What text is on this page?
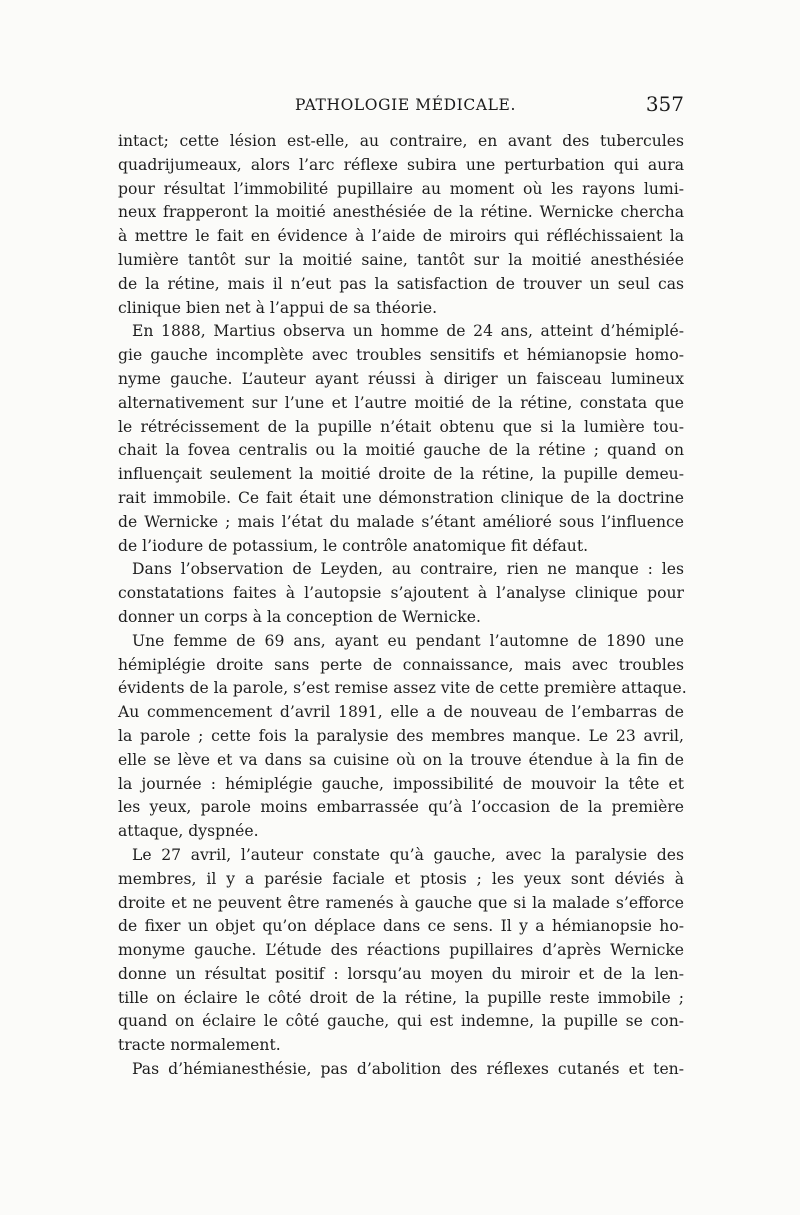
PATHOLOGIE MÉDICALE.	357
intact; cette lésion est-elle, au contraire, en avant des tubercules
quadrijumeaux, alors l’arc réflexe subira une perturbation qui aura
pour résultat l’immobilité pupillaire au moment où les rayons lumi-
neux frapperont la moitié anesthésiée de la rétine. Wernicke chercha
à mettre le fait en évidence à l’aide de miroirs qui réfléchissaient la
lumière tantôt sur la moitié saine, tantôt sur la moitié anesthésiée
de la rétine, mais il n’eut pas la satisfaction de trouver un seul cas
clinique bien net à l’appui de sa théorie.
En 1888, Martius observa un homme de 24 ans, atteint d’hémiplé-
gie gauche incomplète avec troubles sensitifs et hémianopsie homo-
nyme gauche. L’auteur ayant réussi à diriger un faisceau lumineux
alternativement sur l’une et l’autre moitié de la rétine, constata que
le rétrécissement de la pupille n’était obtenu que si la lumière tou-
chait la fovea centralis ou la moitié gauche de la rétine ; quand on
influençait seulement la moitié droite de la rétine, la pupille demeu-
rait immobile. Ce fait était une démonstration clinique de la doctrine
de Wernicke ; mais l’état du malade s’étant amélioré sous l’influence
de l’iodure de potassium, le contrôle anatomique fit défaut.
Dans l’observation de Leyden, au contraire, rien ne manque : les
constatations faites à l’autopsie s’ajoutent à l’analyse clinique pour
donner un corps à la conception de Wernicke.
Une femme de 69 ans, ayant eu pendant l’automne de 1890 une
hémiplégie droite sans perte de connaissance, mais avec troubles
évidents de la parole, s’est remise assez vite de cette première attaque.
Au commencement d’avril 1891, elle a de nouveau de l’embarras de
la parole ; cette fois la paralysie des membres manque. Le 23 avril,
elle se lève et va dans sa cuisine où on la trouve étendue à la fin de
la journée : hémiplégie gauche, impossibilité de mouvoir la tête et
les yeux, parole moins embarrassée qu’à l’occasion de la première
attaque, dyspnée.
Le 27 avril, l’auteur constate qu’à gauche, avec la paralysie des
membres, il y a parésie faciale et ptosis ; les yeux sont déviés à
droite et ne peuvent être ramenés à gauche que si la malade s’efforce
de fixer un objet qu’on déplace dans ce sens. Il y a hémianopsie ho-
monyme gauche. L’étude des réactions pupillaires d’après Wernicke
donne un résultat positif : lorsqu’au moyen du miroir et de la len-
tille on éclaire le côté droit de la rétine, la pupille reste immobile ;
quand on éclaire le côté gauche, qui est indemne, la pupille se con-
tracte normalement.
Pas d’hémianesthésie, pas d’abolition des réflexes cutanés et ten-
